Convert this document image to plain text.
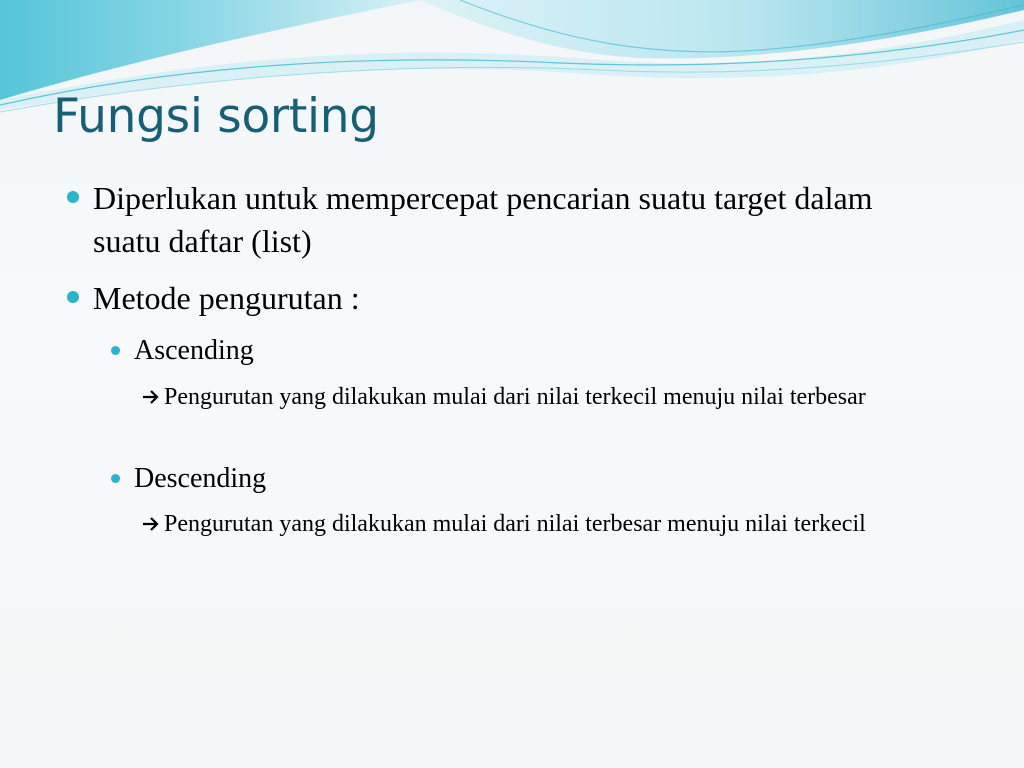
Fungsi sorting
Diperlukan untuk mempercepat pencarian suatu target dalam suatu daftar (list)
Metode pengurutan :
Ascending
Pengurutan yang dilakukan mulai dari nilai terkecil menuju nilai terbesar
Descending
Pengurutan yang dilakukan mulai dari nilai terbesar menuju nilai terkecil
